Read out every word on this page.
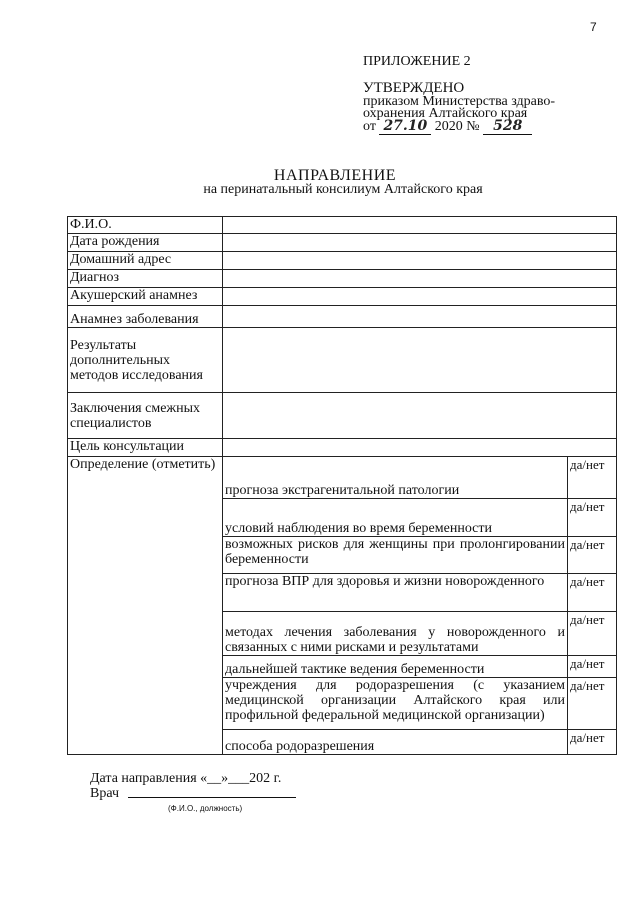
7
ПРИЛОЖЕНИЕ 2
УТВЕРЖДЕНО
приказом Министерства здраво-охранения Алтайского края
от 27.10 2020 № 528
НАПРАВЛЕНИЕ
на перинатальный консилиум Алтайского края
Ф.И.О.		
Дата рождения		
Домашний адрес		
Диагноз		
Акушерский анамнез		
Анамнез заболевания		
Результаты дополнительных методов исследования		
Заключения смежных специалистов		
Цель консультации		
Определение (отметить)	прогноза экстрагенитальной патологии	да/нет
	условий наблюдения во время беременности	да/нет
	возможных рисков для женщины при пролонгировании беременности	да/нет
	прогноза ВПР для здоровья и жизни новорожденного	да/нет
	методах лечения заболевания у новорожденного и связанных с ними рисками и результатами	да/нет
	дальнейшей тактике ведения беременности	да/нет
	учреждения для родоразрешения (с указанием медицинской организации Алтайского края или профильной федеральной медицинской организации)	да/нет
	способа родоразрешения	да/нет
Дата направления «__»___202 г.
Врач
(Ф.И.О., должность)
